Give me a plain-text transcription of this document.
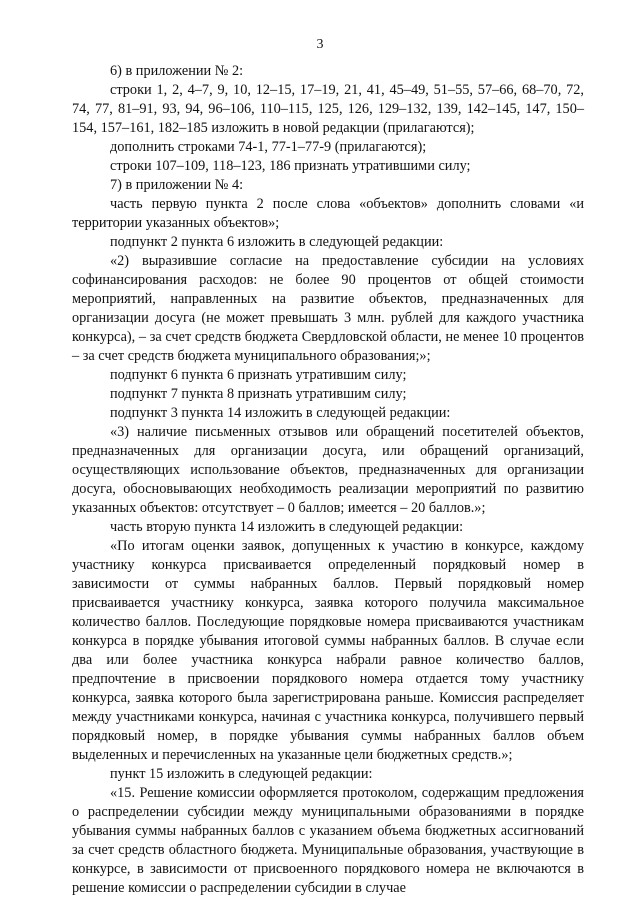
3

6) в приложении № 2:

строки 1, 2, 4–7, 9, 10, 12–15, 17–19, 21, 41, 45–49, 51–55, 57–66, 68–70, 72, 74, 77, 81–91, 93, 94, 96–106, 110–115, 125, 126, 129–132, 139, 142–145, 147, 150–154, 157–161, 182–185 изложить в новой редакции (прилагаются);

дополнить строками 74-1, 77-1–77-9 (прилагаются);

строки 107–109, 118–123, 186 признать утратившими силу;

7) в приложении № 4:

часть первую пункта 2 после слова «объектов» дополнить словами «и территории указанных объектов»;

подпункт 2 пункта 6 изложить в следующей редакции:

«2) выразившие согласие на предоставление субсидии на условиях софинансирования расходов: не более 90 процентов от общей стоимости мероприятий, направленных на развитие объектов, предназначенных для организации досуга (не может превышать 3 млн. рублей для каждого участника конкурса), – за счет средств бюджета Свердловской области, не менее 10 процентов – за счет средств бюджета муниципального образования;»;

подпункт 6 пункта 6 признать утратившим силу;

подпункт 7 пункта 8 признать утратившим силу;

подпункт 3 пункта 14 изложить в следующей редакции:

«3) наличие письменных отзывов или обращений посетителей объектов, предназначенных для организации досуга, или обращений организаций, осуществляющих использование объектов, предназначенных для организации досуга, обосновывающих необходимость реализации мероприятий по развитию указанных объектов: отсутствует – 0 баллов; имеется – 20 баллов.»;

часть вторую пункта 14 изложить в следующей редакции:

«По итогам оценки заявок, допущенных к участию в конкурсе, каждому участнику конкурса присваивается определенный порядковый номер в зависимости от суммы набранных баллов. Первый порядковый номер присваивается участнику конкурса, заявка которого получила максимальное количество баллов. Последующие порядковые номера присваиваются участникам конкурса в порядке убывания итоговой суммы набранных баллов. В случае если два или более участника конкурса набрали равное количество баллов, предпочтение в присвоении порядкового номера отдается тому участнику конкурса, заявка которого была зарегистрирована раньше. Комиссия распределяет между участниками конкурса, начиная с участника конкурса, получившего первый порядковый номер, в порядке убывания суммы набранных баллов объем выделенных и перечисленных на указанные цели бюджетных средств.»;

пункт 15 изложить в следующей редакции:

«15. Решение комиссии оформляется протоколом, содержащим предложения о распределении субсидии между муниципальными образованиями в порядке убывания суммы набранных баллов с указанием объема бюджетных ассигнований за счет средств областного бюджета. Муниципальные образования, участвующие в конкурсе, в зависимости от присвоенного порядкового номера не включаются в решение комиссии о распределении субсидии в случае
